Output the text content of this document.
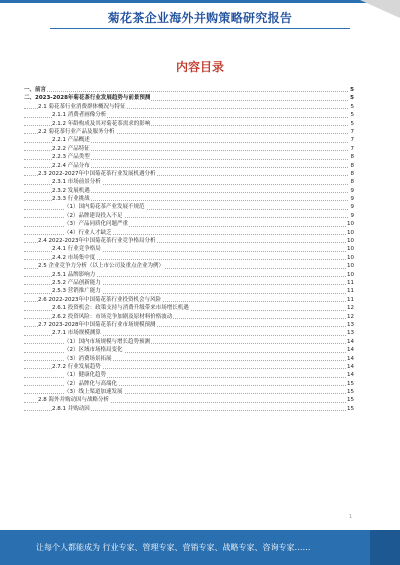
菊花茶企业海外并购策略研究报告
内容目录
一、前言	5
二、2023-2028年菊花茶行业发展趋势与前景预测	5
2.1 菊花茶行业消费群体概况与特征	5
2.1.1 消费者画像分析	5
2.1.2 年龄构成及其对菊花茶需求的影响	5
2.2 菊花茶行业产品及服务分析	7
2.2.1 产品概述	7
2.2.2 产品特征	7
2.2.3 产品类型	8
2.2.4 产品分布	8
2.3 2022-2027年中国菊花茶行业发展机遇分析	8
2.3.1 市场前景分析	8
2.3.2 发展机遇	9
2.3.3 行业挑战	9
（1）国内菊花茶产业发展不规范	9
（2）品牌建设投入不足	9
（3）产品同质化问题严重	10
（4）行业人才缺乏	10
2.4 2022-2023年中国菊花茶行业竞争格局分析	10
2.4.1 行业竞争格局	10
2.4.2 市场集中度	10
2.5 企业竞争力分析（以上市公司及重点企业为例）	10
2.5.1 品牌影响力	10
2.5.2 产品创新能力	11
2.5.3 营销推广能力	11
2.6 2022-2023年中国菊花茶行业投资机会与风险	11
2.6.1 投资机会：政策支持与消费升级带来市场增长机遇	12
2.6.2 投资风险：市场竞争加剧及原材料价格波动	12
2.7 2023-2028年中国菊花茶行业市场规模预测	13
2.7.1 市场规模测算	13
（1）国内市场规模与增长趋势预测	14
（2）区域市场格局变化	14
（3）消费场景拓展	14
2.7.2 行业发展趋势	14
（1）健康化趋势	14
（2）品牌化与高端化	15
（3）线上渠道加速发展	15
2.8 海外并购动因与战略分析	15
2.8.1 并购动因	15
1
让每个人都能成为 行业专家、管理专家、营销专家、战略专家、咨询专家……
